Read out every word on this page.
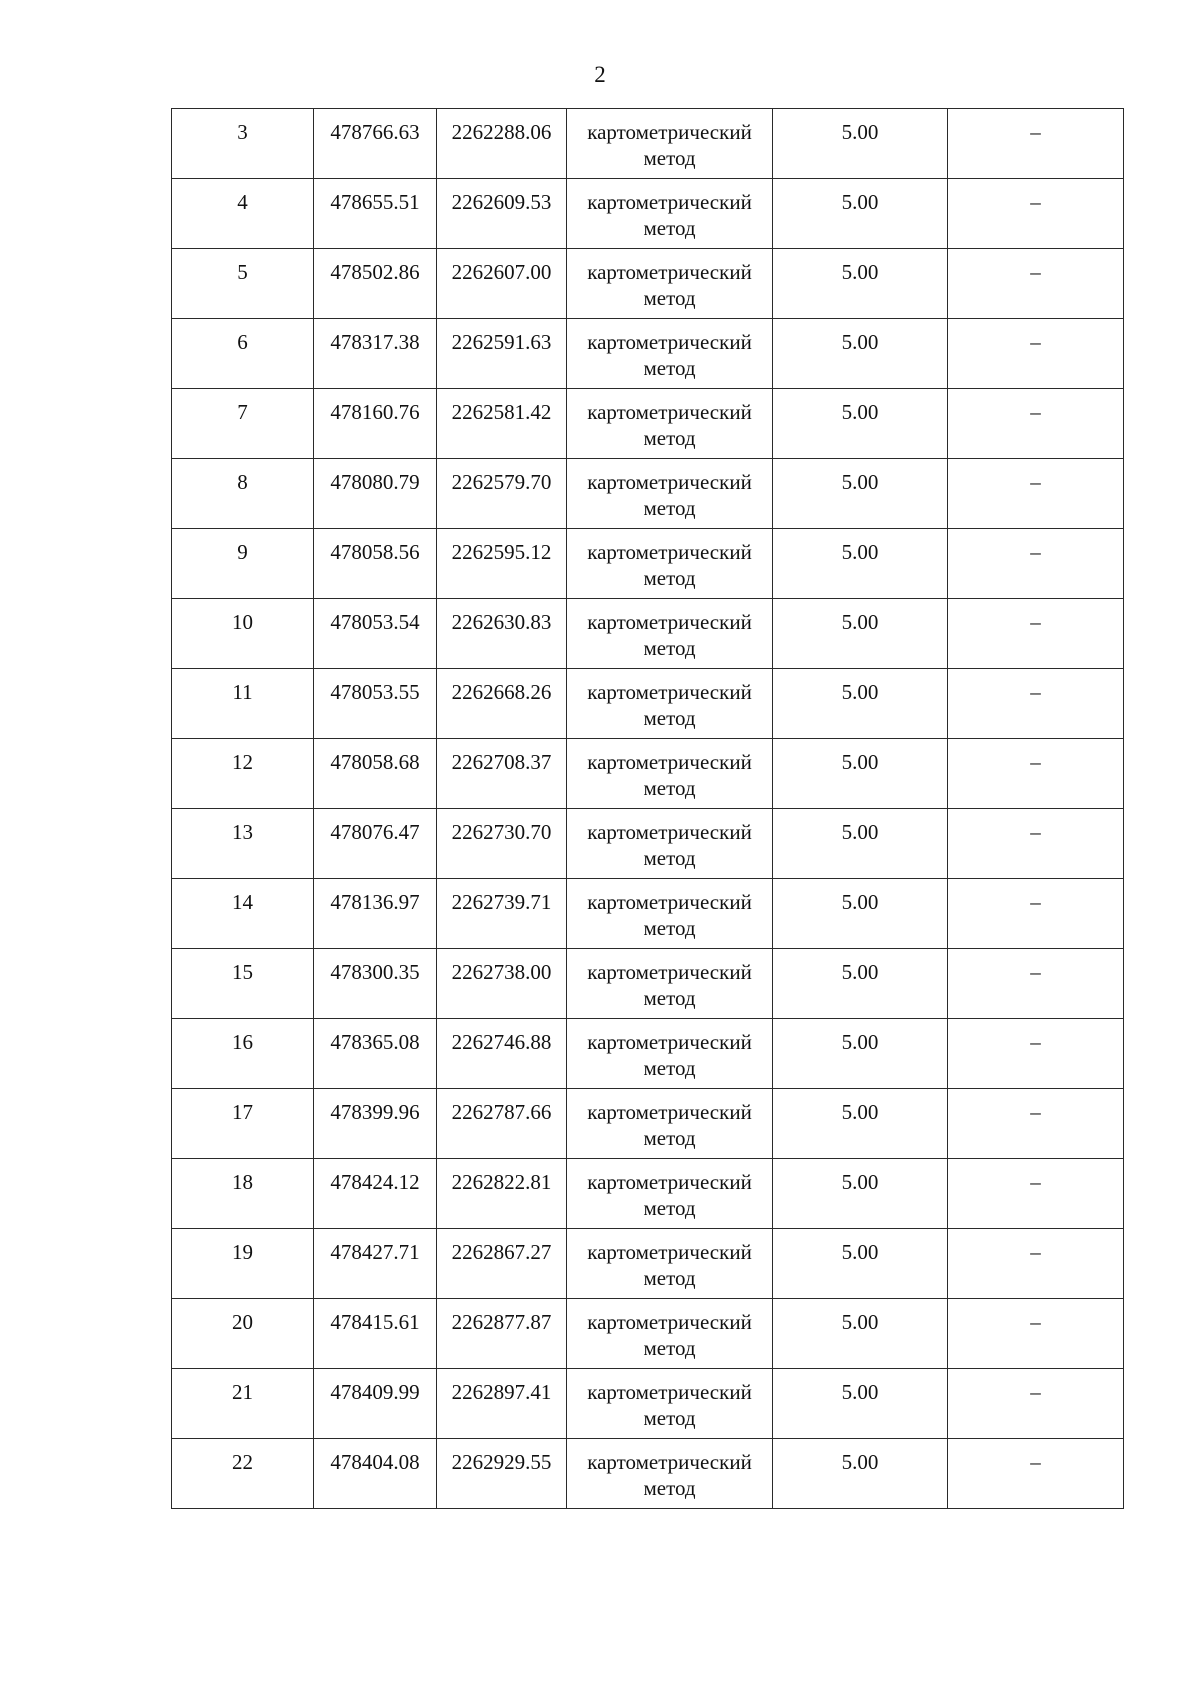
2
3	478766.63	2262288.06	картометрический
метод	5.00	–
4	478655.51	2262609.53	картометрический
метод	5.00	–
5	478502.86	2262607.00	картометрический
метод	5.00	–
6	478317.38	2262591.63	картометрический
метод	5.00	–
7	478160.76	2262581.42	картометрический
метод	5.00	–
8	478080.79	2262579.70	картометрический
метод	5.00	–
9	478058.56	2262595.12	картометрический
метод	5.00	–
10	478053.54	2262630.83	картометрический
метод	5.00	–
11	478053.55	2262668.26	картометрический
метод	5.00	–
12	478058.68	2262708.37	картометрический
метод	5.00	–
13	478076.47	2262730.70	картометрический
метод	5.00	–
14	478136.97	2262739.71	картометрический
метод	5.00	–
15	478300.35	2262738.00	картометрический
метод	5.00	–
16	478365.08	2262746.88	картометрический
метод	5.00	–
17	478399.96	2262787.66	картометрический
метод	5.00	–
18	478424.12	2262822.81	картометрический
метод	5.00	–
19	478427.71	2262867.27	картометрический
метод	5.00	–
20	478415.61	2262877.87	картометрический
метод	5.00	–
21	478409.99	2262897.41	картометрический
метод	5.00	–
22	478404.08	2262929.55	картометрический
метод	5.00	–
